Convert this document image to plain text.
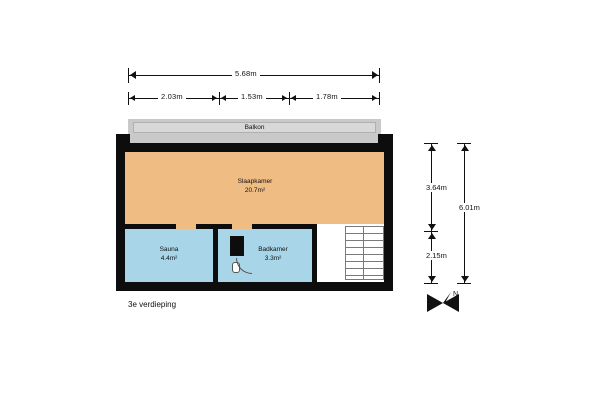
5.68m
2.03m	1.53m	1.78m
3.64m
2.15m
6.01m
Balkon
Slaapkamer
20.7m²
Sauna
4.4m²
Badkamer
3.3m²
3e verdieping
N
